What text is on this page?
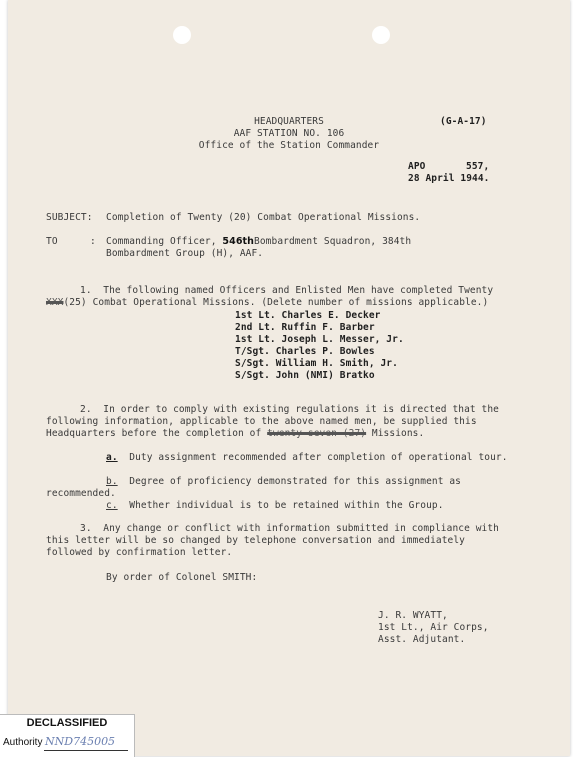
HEADQUARTERS
AAF STATION NO. 106
Office of the Station Commander
(G-A-17)
APO	557,
28 April 1944.
SUBJECT: Completion of Twenty (20) Combat Operational Missions.
TO	: Commanding Officer, 546thBombardment Squadron, 384th
Bombardment Group (H), AAF.
1.  The following named Officers and Enlisted Men have completed Twenty
XXX(25) Combat Operational Missions. (Delete number of missions applicable.)
1st Lt. Charles E. Decker
2nd Lt. Ruffin F. Barber
1st Lt. Joseph L. Messer, Jr.
T/Sgt. Charles P. Bowles
S/Sgt. William H. Smith, Jr.
S/Sgt. John (NMI) Bratko
2.  In order to comply with existing regulations it is directed that the
following information, applicable to the above named men, be supplied this
Headquarters before the completion of twenty-seven (27) Missions.
a. Duty assignment recommended after completion of operational tour.
b. Degree of proficiency demonstrated for this assignment as
recommended.
c. Whether individual is to be retained within the Group.
3.  Any change or conflict with information submitted in compliance with
this letter will be so changed by telephone conversation and immediately
followed by confirmation letter.
By order of Colonel SMITH:
J. R. WYATT,
1st Lt., Air Corps,
Asst. Adjutant.
DECLASSIFIED
Authority NND745005
